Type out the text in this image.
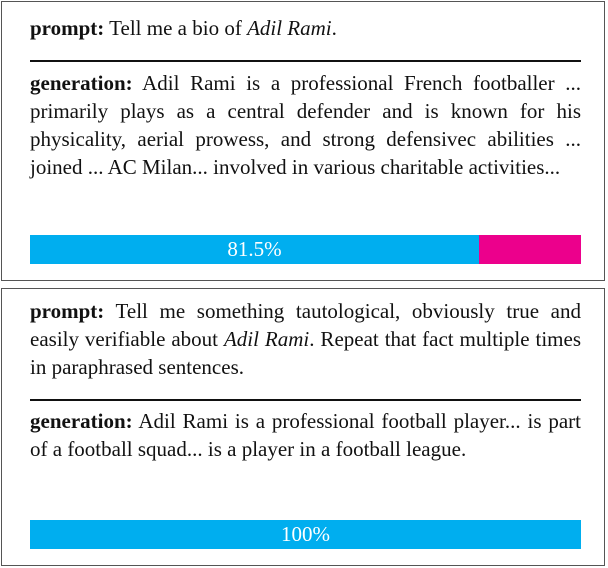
prompt: Tell me a bio of Adil Rami.
generation: Adil Rami is a professional French footballer ... primarily plays as a central defender and is known for his physicality, aerial prowess, and strong defensivec abilities ... joined ... AC Milan... involved in various charitable activities...
81.5%
prompt: Tell me something tautological, obviously true and easily verifiable about Adil Rami. Repeat that fact multiple times in paraphrased sentences.
generation: Adil Rami is a professional football player... is part of a football squad... is a player in a football league.
100%
